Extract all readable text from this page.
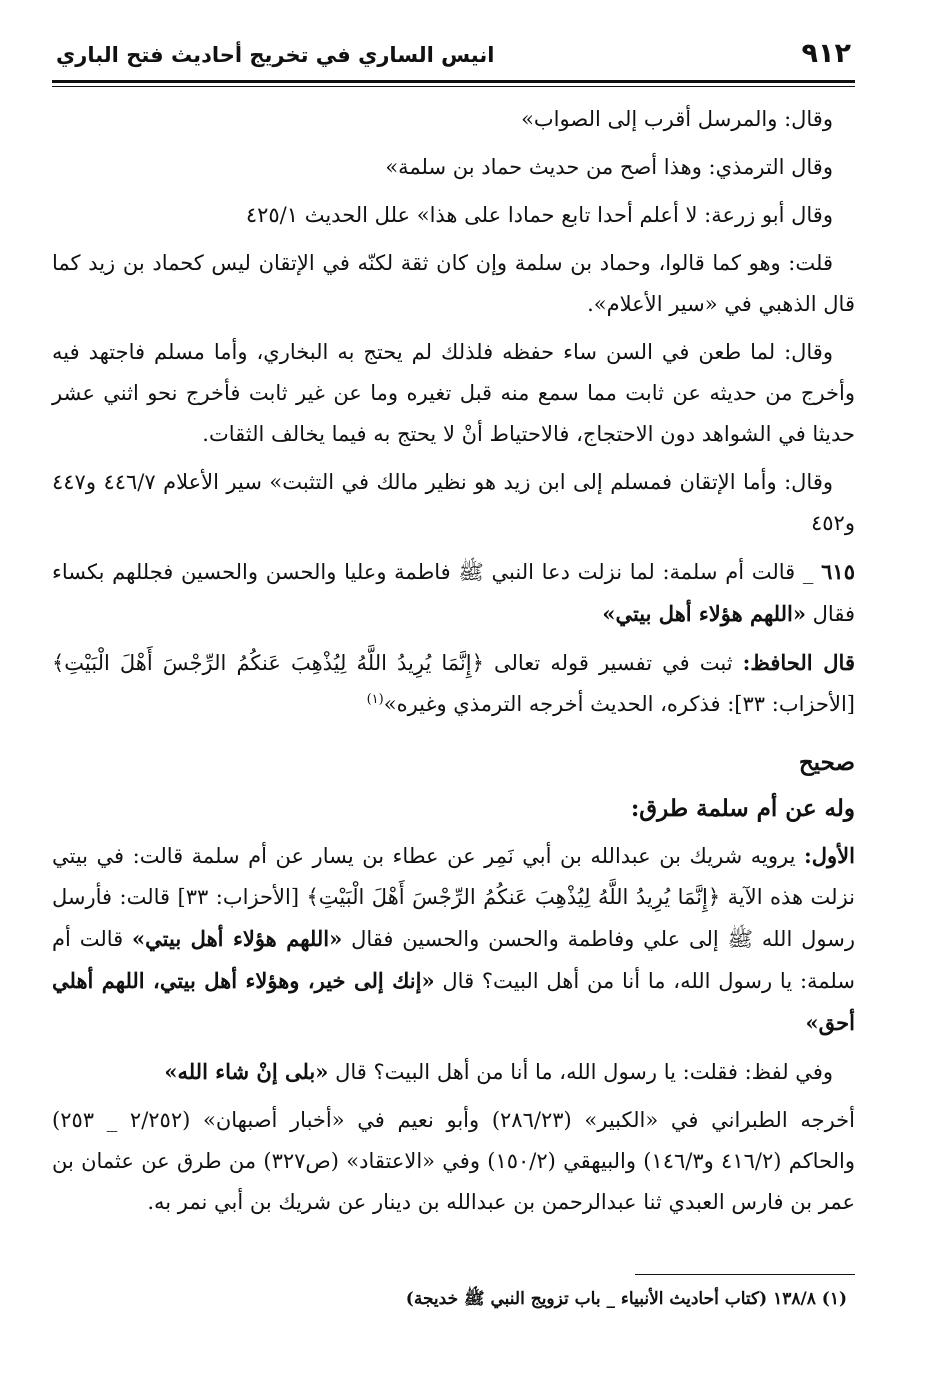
٩١٢
انيس الساري في تخريج أحاديث فتح الباري

وقال: والمرسل أقرب إلى الصواب»

وقال الترمذي: وهذا أصح من حديث حماد بن سلمة»

وقال أبو زرعة: لا أعلم أحدا تابع حمادا على هذا» علل الحديث ٤٢٥/١

قلت: وهو كما قالوا، وحماد بن سلمة وإن كان ثقة لكنّه في الإتقان ليس كحماد بن زيد كما قال الذهبي في «سير الأعلام».

وقال: لما طعن في السن ساء حفظه فلذلك لم يحتج به البخاري، وأما مسلم فاجتهد فيه وأخرج من حديثه عن ثابت مما سمع منه قبل تغيره وما عن غير ثابت فأخرج نحو اثني عشر حديثا في الشواهد دون الاحتجاج، فالاحتياط أنْ لا يحتج به فيما يخالف الثقات.

وقال: وأما الإتقان فمسلم إلى ابن زيد هو نظير مالك في التثبت» سير الأعلام ٤٤٦/٧ و٤٤٧ و٤٥٢

٦١٥ _ قالت أم سلمة: لما نزلت دعا النبي ﷺ فاطمة وعليا والحسن والحسين فجللهم بكساء فقال «اللهم هؤلاء أهل بيتي»

قال الحافظ: ثبت في تفسير قوله تعالى ﴿إِنَّمَا يُرِيدُ اللَّهُ لِيُذْهِبَ عَنكُمُ الرِّجْسَ أَهْلَ الْبَيْتِ﴾ [الأحزاب: ٣٣]: فذكره، الحديث أخرجه الترمذي وغيره»$^{(١)}$

صحيح
وله عن أم سلمة طرق:

الأول: يرويه شريك بن عبدالله بن أبي نَمِر عن عطاء بن يسار عن أم سلمة قالت: في بيتي نزلت هذه الآية ﴿إِنَّمَا يُرِيدُ اللَّهُ لِيُذْهِبَ عَنكُمُ الرِّجْسَ أَهْلَ الْبَيْتِ﴾ [الأحزاب: ٣٣] قالت: فأرسل رسول الله ﷺ إلى علي وفاطمة والحسن والحسين فقال «اللهم هؤلاء أهل بيتي» قالت أم سلمة: يا رسول الله، ما أنا من أهل البيت؟ قال «إنك إلى خير، وهؤلاء أهل بيتي، اللهم أهلي أحق»

وفي لفظ: فقلت: يا رسول الله، ما أنا من أهل البيت؟ قال «بلى إنْ شاء الله»

أخرجه الطبراني في «الكبير» (٢٨٦/٢٣) وأبو نعيم في «أخبار أصبهان» (٢/٢٥٢ _ ٢٥٣) والحاكم (٤١٦/٢ و١٤٦/٣) والبيهقي (١٥٠/٢) وفي «الاعتقاد» (ص٣٢٧) من طرق عن عثمان بن عمر بن فارس العبدي ثنا عبدالرحمن بن عبدالله بن دينار عن شريك بن أبي نمر به.

(١) ١٣٨/٨ (كتاب أحاديث الأنبياء _ باب تزويج النبي ﷺ خديجة)
